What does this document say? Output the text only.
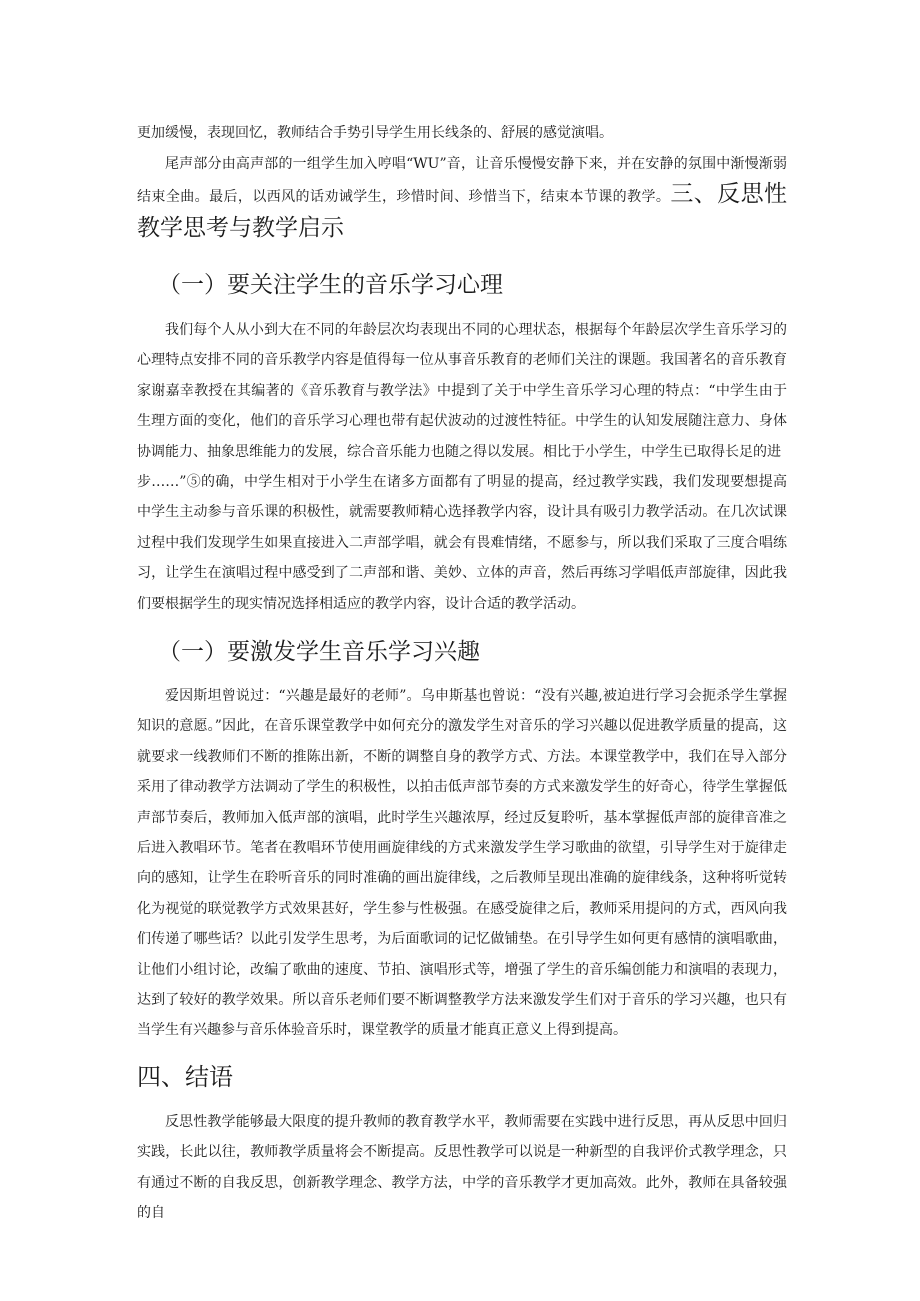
更加缓慢，表现回忆，教师结合手势引导学生用长线条的、舒展的感觉演唱。

尾声部分由高声部的一组学生加入哼唱“WU”音，让音乐慢慢安静下来，并在安静的氛围中渐慢渐弱结束全曲。最后，以西风的话劝诫学生，珍惜时间、珍惜当下，结束本节课的教学。三、反思性教学思考与教学启示

（一）要关注学生的音乐学习心理

我们每个人从小到大在不同的年龄层次均表现出不同的心理状态，根据每个年龄层次学生音乐学习的心理特点安排不同的音乐教学内容是值得每一位从事音乐教育的老师们关注的课题。我国著名的音乐教育家谢嘉幸教授在其编著的《音乐教育与教学法》中提到了关于中学生音乐学习心理的特点：“中学生由于生理方面的变化，他们的音乐学习心理也带有起伏波动的过渡性特征。中学生的认知发展随注意力、身体协调能力、抽象思维能力的发展，综合音乐能力也随之得以发展。相比于小学生，中学生已取得长足的进

步……”⑤的确，中学生相对于小学生在诸多方面都有了明显的提高，经过教学实践，我们发现要想提高中学生主动参与音乐课的积极性，就需要教师精心选择教学内容，设计具有吸引力教学活动。在几次试课过程中我们发现学生如果直接进入二声部学唱，就会有畏难情绪，不愿参与，所以我们采取了三度合唱练习，让学生在演唱过程中感受到了二声部和谐、美妙、立体的声音，然后再练习学唱低声部旋律，因此我们要根据学生的现实情况选择相适应的教学内容，设计合适的教学活动。

（一）要激发学生音乐学习兴趣

爱因斯坦曾说过：“兴趣是最好的老师”。乌申斯基也曾说：“没有兴趣,被迫进行学习会扼杀学生掌握知识的意愿。”因此，在音乐课堂教学中如何充分的激发学生对音乐的学习兴趣以促进教学质量的提高，这就要求一线教师们不断的推陈出新，不断的调整自身的教学方式、方法。本课堂教学中，我们在导入部分采用了律动教学方法调动了学生的积极性，以拍击低声部节奏的方式来激发学生的好奇心，待学生掌握低声部节奏后，教师加入低声部的演唱，此时学生兴趣浓厚，经过反复聆听，基本掌握低声部的旋律音准之后进入教唱环节。笔者在教唱环节使用画旋律线的方式来激发学生学习歌曲的欲望，引导学生对于旋律走向的感知，让学生在聆听音乐的同时准确的画出旋律线，之后教师呈现出准确的旋律线条，这种将听觉转化为视觉的联觉教学方式效果甚好，学生参与性极强。在感受旋律之后，教师采用提问的方式，西风向我们传递了哪些话？以此引发学生思考，为后面歌词的记忆做铺垫。在引导学生如何更有感情的演唱歌曲，让他们小组讨论，改编了歌曲的速度、节拍、演唱形式等，增强了学生的音乐编创能力和演唱的表现力，达到了较好的教学效果。所以音乐老师们要不断调整教学方法来激发学生们对于音乐的学习兴趣，也只有当学生有兴趣参与音乐体验音乐时，课堂教学的质量才能真正意义上得到提高。

四、结语

反思性教学能够最大限度的提升教师的教育教学水平，教师需要在实践中进行反思，再从反思中回归实践，长此以往，教师教学质量将会不断提高。反思性教学可以说是一种新型的自我评价式教学理念，只有通过不断的自我反思，创新教学理念、教学方法，中学的音乐教学才更加高效。此外，教师在具备较强的自
